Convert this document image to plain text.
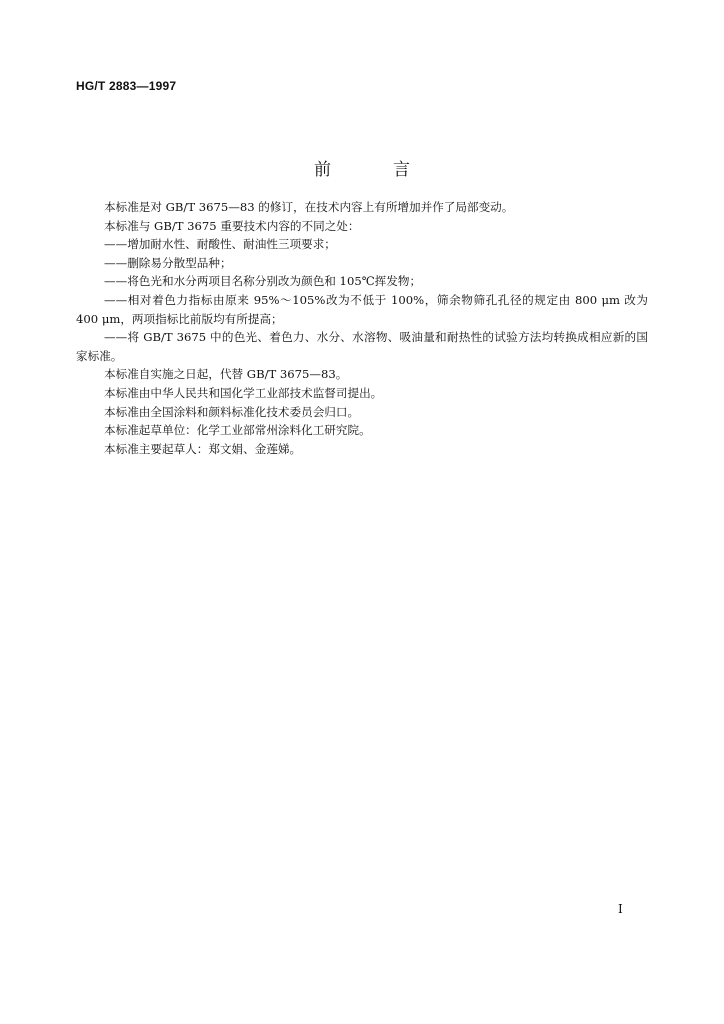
HG/T 2883—1997
前	言

本标准是对 GB/T 3675—83 的修订，在技术内容上有所增加并作了局部变动。

本标准与 GB/T 3675 重要技术内容的不同之处：

——增加耐水性、耐酸性、耐油性三项要求；

——删除易分散型品种；

——将色光和水分两项目名称分别改为颜色和 105℃挥发物；

——相对着色力指标由原来 95%～105%改为不低于 100%，筛余物筛孔孔径的规定由 800 μm 改为 400 μm，两项指标比前版均有所提高；

——将 GB/T 3675 中的色光、着色力、水分、水溶物、吸油量和耐热性的试验方法均转换成相应新的国家标准。

本标准自实施之日起，代替 GB/T 3675—83。

本标准由中华人民共和国化学工业部技术监督司提出。

本标准由全国涂料和颜料标准化技术委员会归口。

本标准起草单位：化学工业部常州涂料化工研究院。

本标准主要起草人：郑文娟、金莲娣。

I
